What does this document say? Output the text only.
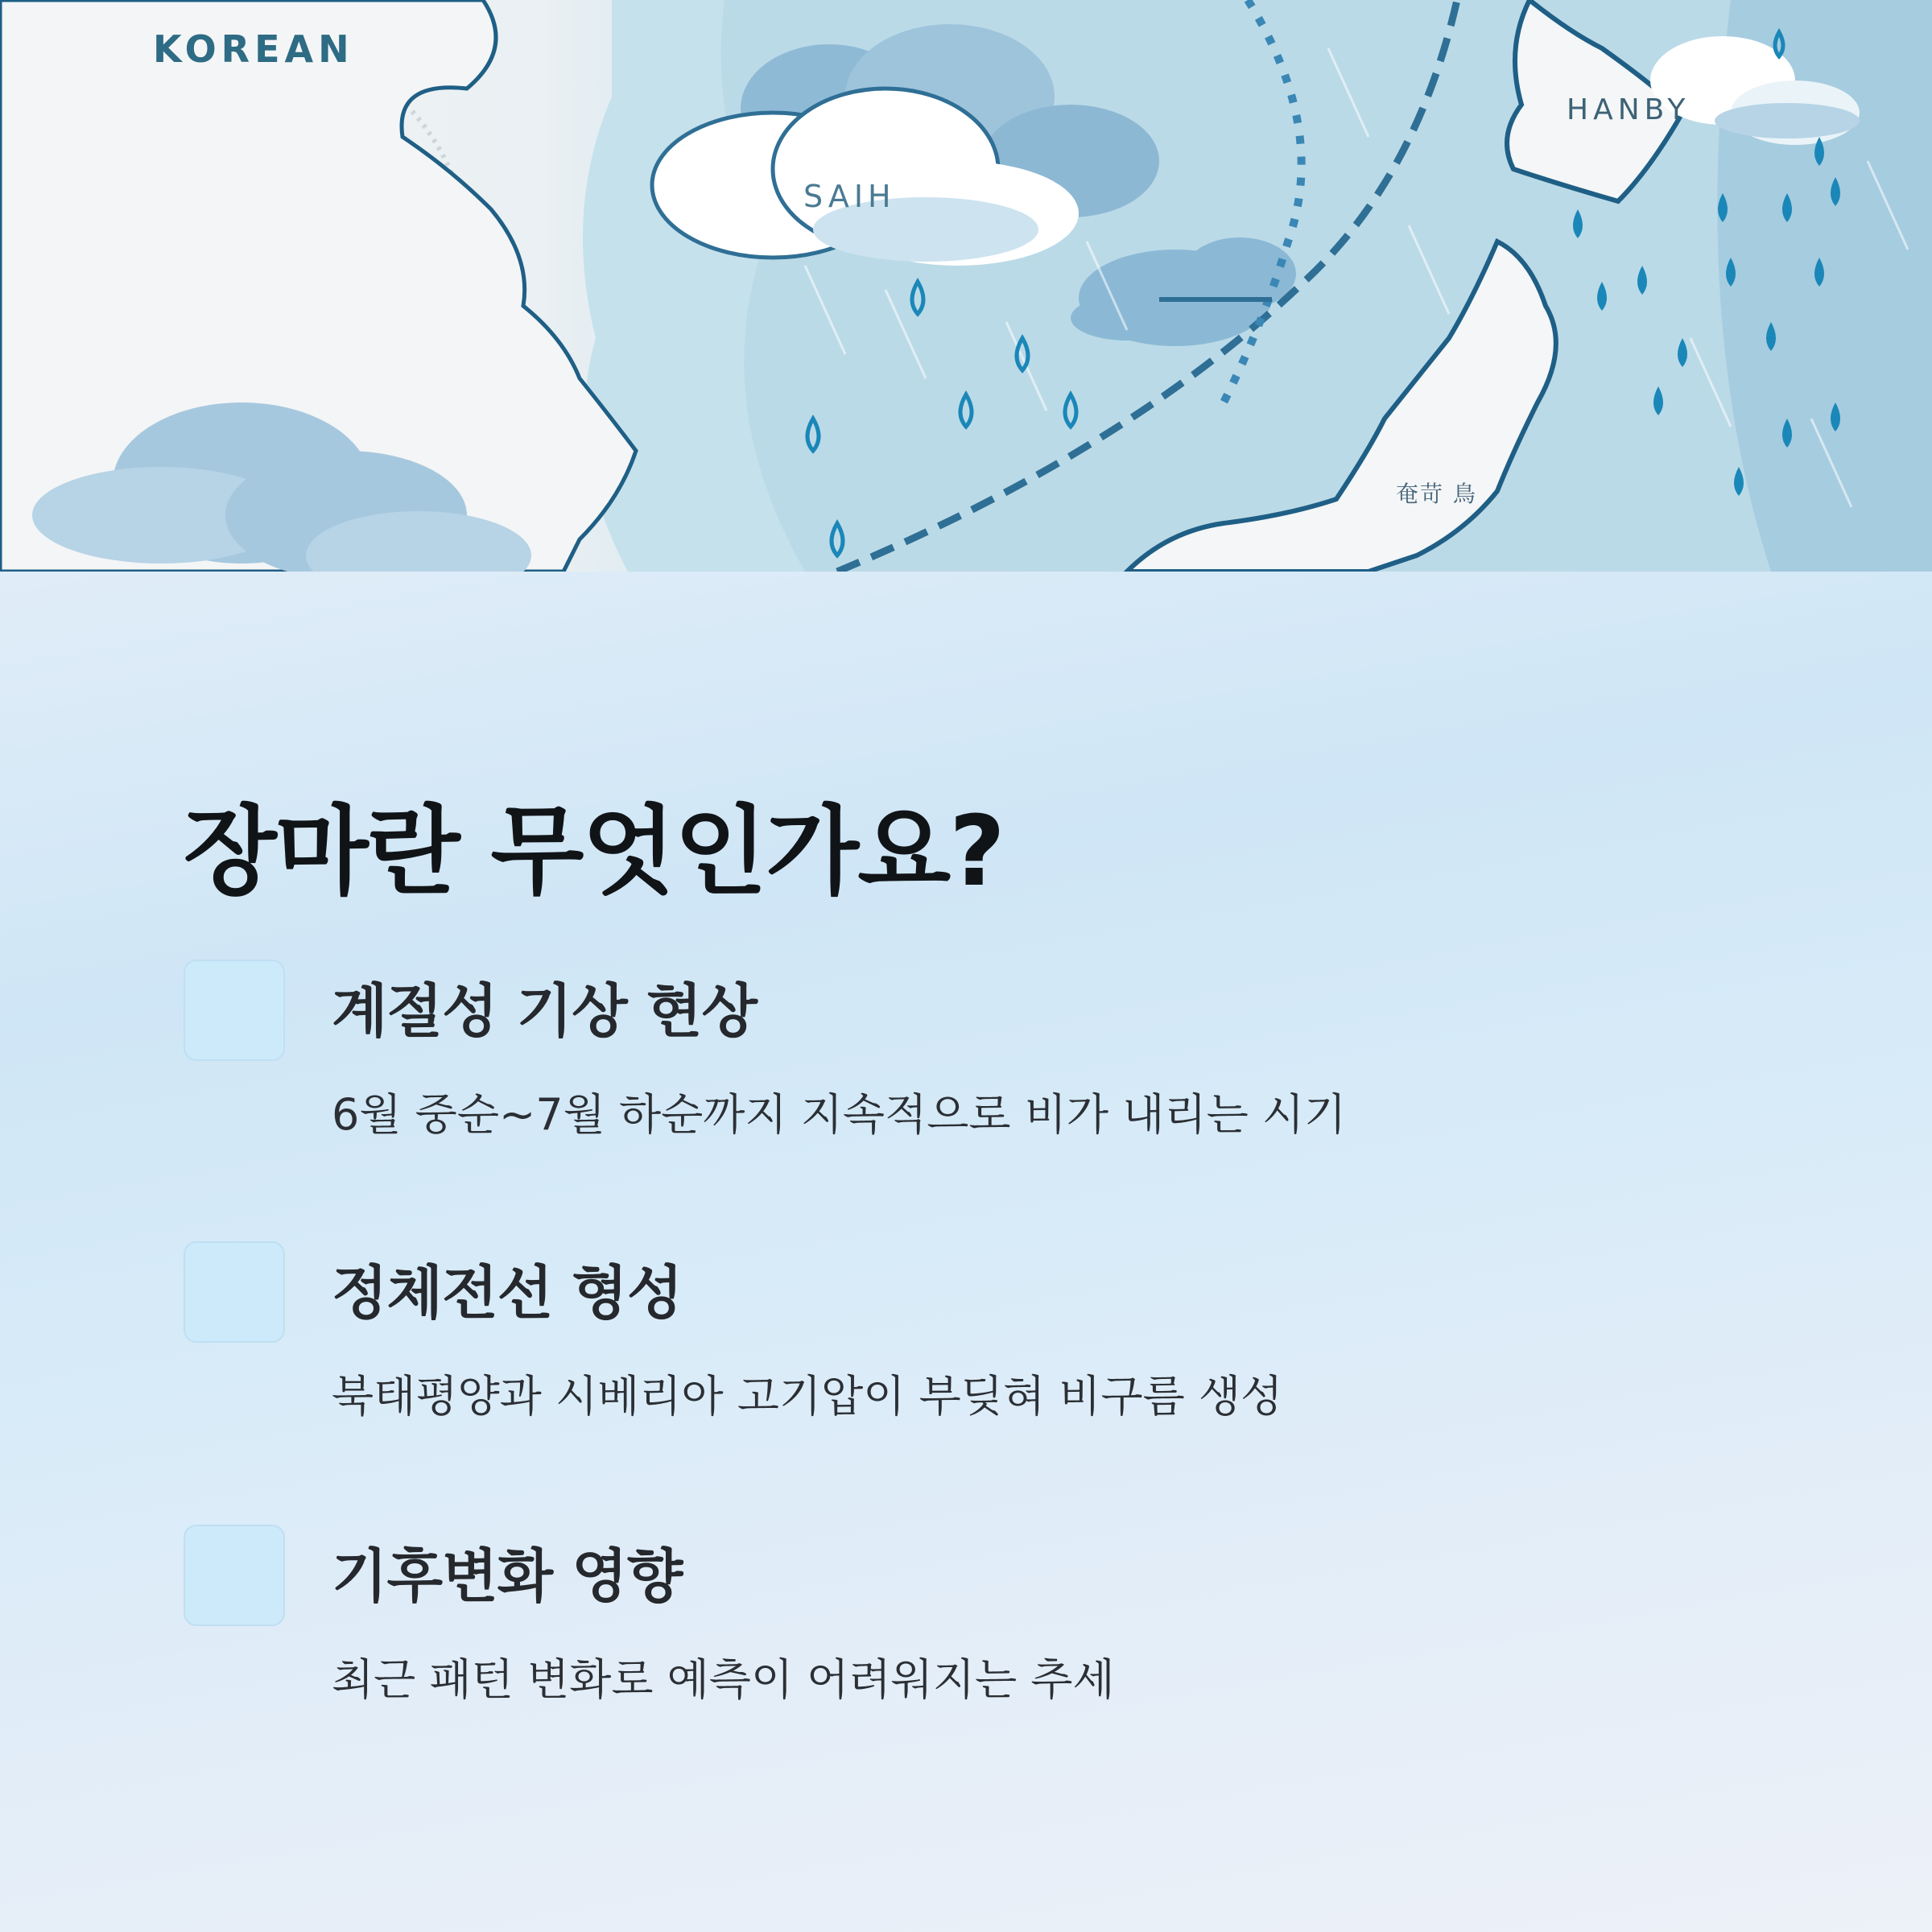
KOREAN
SAIH
HANBY
奄苛 鳥
장마란 무엇인가요?
계절성 기상 현상

6월 중순~7월 하순까지 지속적으로 비가 내리는 시기

정체전선 형성

북태평양과 시베리아 고기압이 부딪혀 비구름 생성

기후변화 영향

최근 패턴 변화로 예측이 어려워지는 추세
